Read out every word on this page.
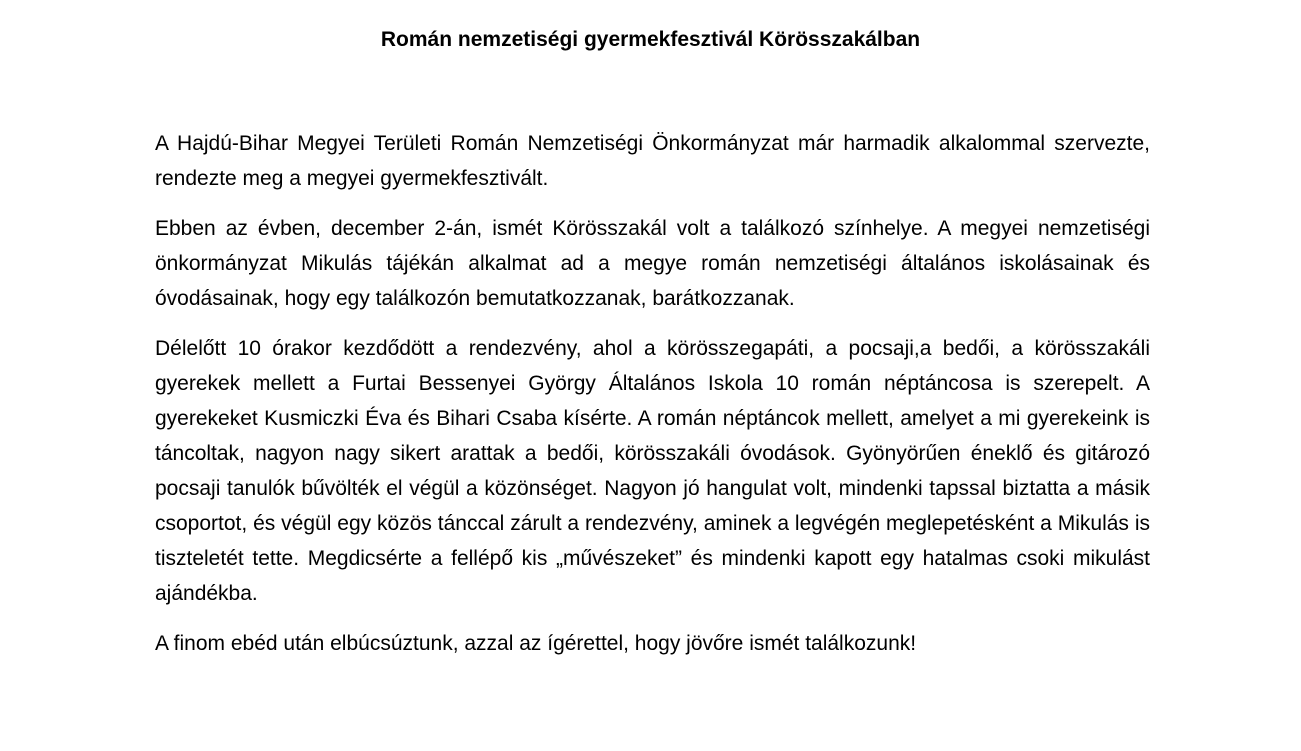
Román nemzetiségi gyermekfesztivál Körösszakálban

A Hajdú-Bihar Megyei Területi Román Nemzetiségi Önkormányzat már harmadik alkalommal szervezte, rendezte meg a megyei gyermekfesztivált.

Ebben az évben, december 2-án, ismét Körösszakál volt a találkozó színhelye. A megyei nemzetiségi önkormányzat Mikulás tájékán alkalmat ad a megye román nemzetiségi általános iskolásainak és óvodásainak, hogy egy találkozón bemutatkozzanak, barátkozzanak.

Délelőtt 10 órakor kezdődött a rendezvény, ahol a körösszegapáti, a pocsaji,a bedői, a körösszakáli gyerekek mellett a Furtai Bessenyei György Általános Iskola 10 román néptáncosa is szerepelt. A gyerekeket Kusmiczki Éva és Bihari Csaba kísérte. A román néptáncok mellett, amelyet a mi gyerekeink is táncoltak, nagyon nagy sikert arattak a bedői, körösszakáli óvodások. Gyönyörűen éneklő és gitározó pocsaji tanulók bűvölték el végül a közönséget. Nagyon jó hangulat volt, mindenki tapssal biztatta a másik csoportot, és végül egy közös tánccal zárult a rendezvény, aminek a legvégén meglepetésként a Mikulás is tiszteletét tette. Megdicsérte a fellépő kis „művészeket” és mindenki kapott egy hatalmas csoki mikulást ajándékba.

A finom ebéd után elbúcsúztunk, azzal az ígérettel, hogy jövőre ismét találkozunk!
